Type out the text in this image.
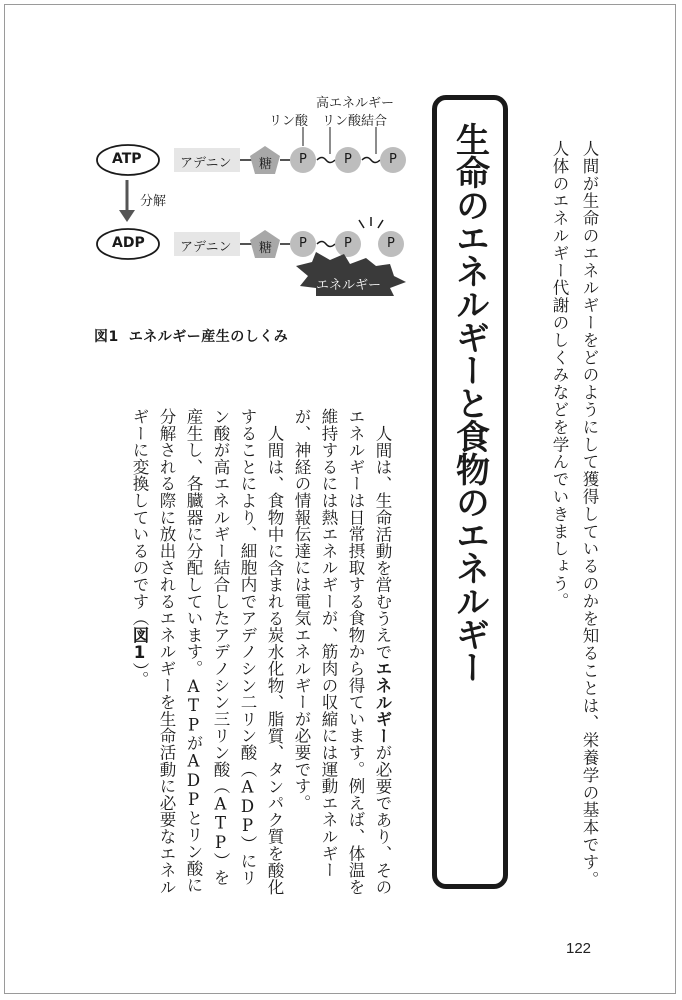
人間が生命のエネルギーをどのようにして獲得しているのかを知ることは、栄養学の基本です。人体のエネルギー代謝のしくみなどを学んでいきましょう。
生命のエネルギーと食物のエネルギー

人間は、生命活動を営むうえでエネルギーが必要であり、そのエネルギーは日常摂取する食物から得ています。例えば、体温を維持するには熱エネルギーが、筋肉の収縮には運動エネルギーが、神経の情報伝達には電気エネルギーが必要です。

人間は、食物中に含まれる炭水化物、脂質、タンパク質を酸化することにより、細胞内でアデノシン二リン酸（ADP）にリン酸が高エネルギー結合したアデノシン三リン酸（ATP）を産生し、各臓器に分配しています。ATPがADPとリン酸に分解される際に放出されるエネルギーを生命活動に必要なエネルギーに変換しているのです（図1）。

高エネルギー
リン酸 リン酸結合
ATP	アデニン 糖 P	P	P
分解
ADP	アデニン 糖 P	P	P
エネルギー
図1 エネルギー産生のしくみ
122
